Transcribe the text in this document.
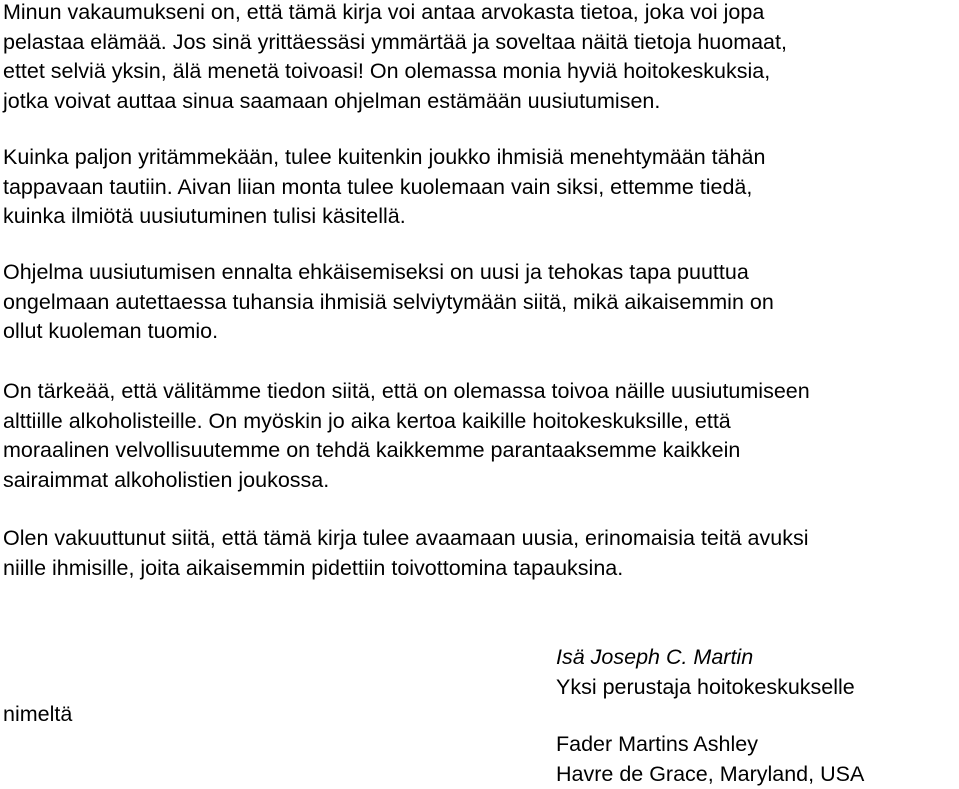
Minun vakaumukseni on, että tämä kirja voi antaa arvokasta tietoa, joka voi jopa
pelastaa elämää. Jos sinä yrittäessäsi ymmärtää ja soveltaa näitä tietoja huomaat,
ettet selviä yksin, älä menetä toivoasi! On olemassa monia hyviä hoitokeskuksia,
jotka voivat auttaa sinua saamaan ohjelman estämään uusiutumisen.

Kuinka paljon yritämmekään, tulee kuitenkin joukko ihmisiä menehtymään tähän
tappavaan tautiin. Aivan liian monta tulee kuolemaan vain siksi, ettemme tiedä,
kuinka ilmiötä uusiutuminen tulisi käsitellä.

Ohjelma uusiutumisen ennalta ehkäisemiseksi on uusi ja tehokas tapa puuttua
ongelmaan autettaessa tuhansia ihmisiä selviytymään siitä, mikä aikaisemmin on
ollut kuoleman tuomio.

On tärkeää, että välitämme tiedon siitä, että on olemassa toivoa näille uusiutumiseen
alttiille alkoholisteille. On myöskin jo aika kertoa kaikille hoitokeskuksille, että
moraalinen velvollisuutemme on tehdä kaikkemme parantaaksemme kaikkein
sairaimmat alkoholistien joukossa.

Olen vakuuttunut siitä, että tämä kirja tulee avaamaan uusia, erinomaisia teitä avuksi
niille ihmisille, joita aikaisemmin pidettiin toivottomina tapauksina.

nimeltä
Isä Joseph C. Martin
Yksi perustaja hoitokeskukselle
Fader Martins Ashley
Havre de Grace, Maryland, USA
